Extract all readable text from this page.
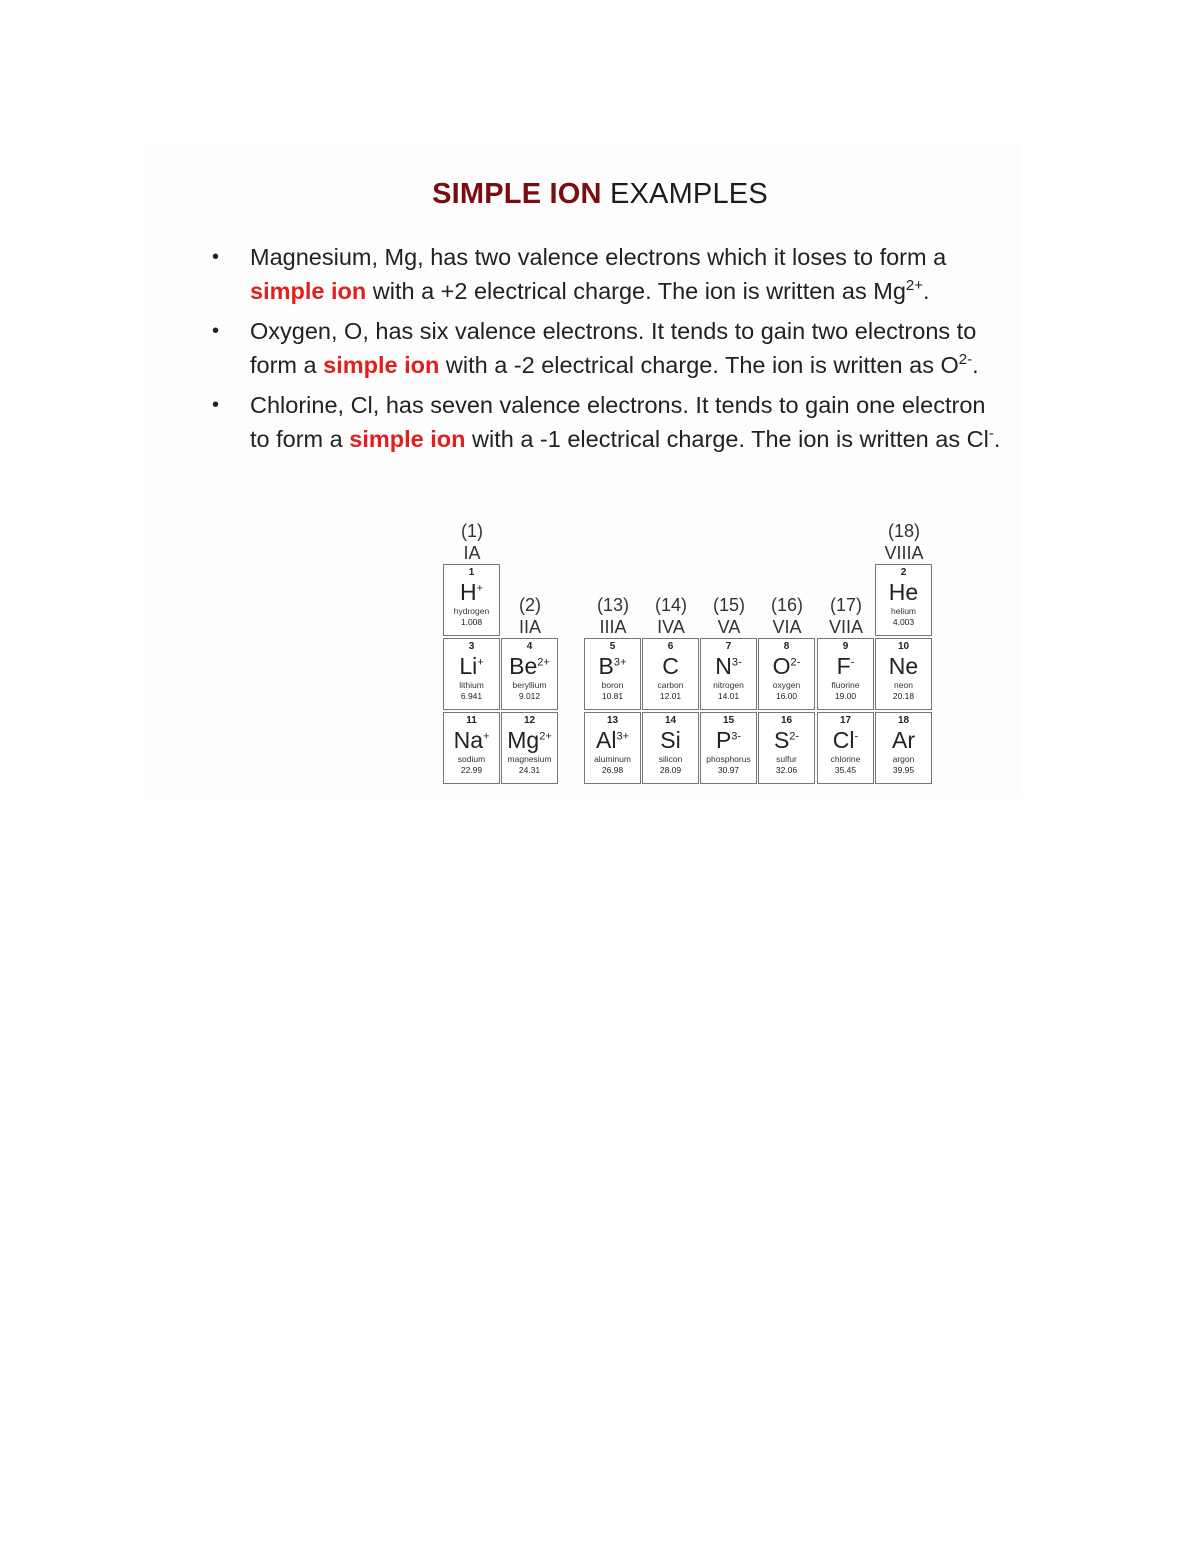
SIMPLE ION EXAMPLES
• Magnesium, Mg, has two valence electrons which it loses to form a simple ion with a +2 electrical charge. The ion is written as $Mg^{2+}$.
• Oxygen, O, has six valence electrons. It tends to gain two electrons to form a simple ion with a -2 electrical charge. The ion is written as $O^{2-}$.
• Chlorine, Cl, has seven valence electrons. It tends to gain one electron to form a simple ion with a -1 electrical charge. The ion is written as Cl-.
(1)
IA
(2)
IIA
(13)
IIIA
(14)
IVA
(15)
VA
(16)
VIA
(17)
VIIA
(18)
VIIIA
1
H+
hydrogen
1.008
2
He
helium
4.003
3
Li+
lithium
6.941
4
$Be^{2+}$
beryllium
9.012
5
$B^{3+}$
boron
10.81
6
C
carbon
12.01
7
$N^{3-}$
nitrogen
14.01
8
$O^{2-}$
oxygen
16.00
9
F-
fluorine
19.00
10
Ne
neon
20.18
11
Na+
sodium
22.99
12
$Mg^{2+}$
magnesium
24.31
13
$Al^{3+}$
aluminum
26.98
14
Si
silicon
28.09
15
$P^{3-}$
phosphorus
30.97
16
$S^{2-}$
sulfur
32.06
17
Cl-
chlorine
35.45
18
Ar
argon
39.95
